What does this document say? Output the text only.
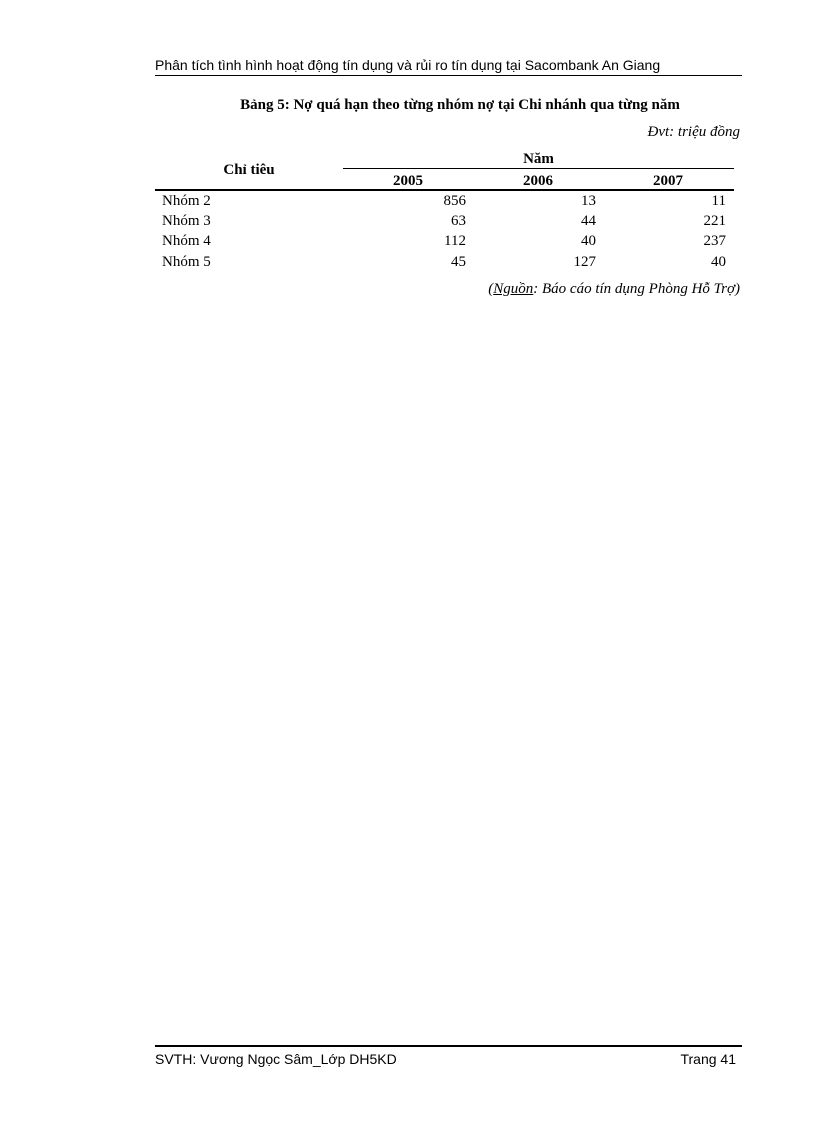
Phân tích tình hình hoạt động tín dụng và rủi ro tín dụng tại Sacombank An Giang
Bảng 5: Nợ quá hạn theo từng nhóm nợ tại Chi nhánh qua từng năm
Đvt: triệu đồng
Chỉ tiêu
Năm
2005	2006	2007
Nhóm 2	856	13	11
Nhóm 3	63	44	221
Nhóm 4	112	40	237
Nhóm 5	45	127	40
(Nguồn: Báo cáo tín dụng Phòng Hỗ Trợ)
SVTH: Vương Ngọc Sâm_Lớp DH5KD	Trang 41
